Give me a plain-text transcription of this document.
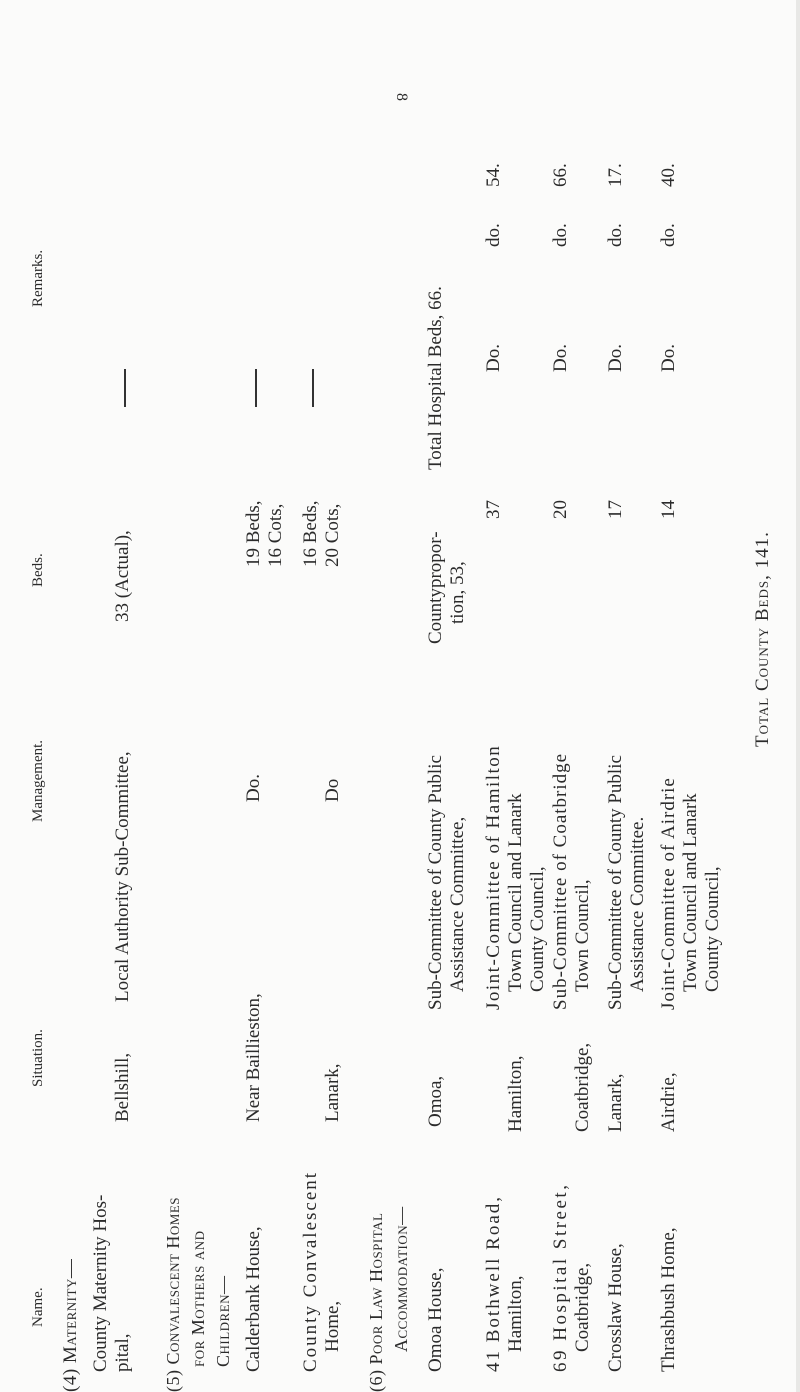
8
Name.
Situation.
Management.
Beds.
Remarks.
(4) Maternity— County Maternity Hos- pital,
Bellshill,
Local Authority Sub-Committee,
33 (Actual),
(5) Convalescent Homes for Mothers and Children— Calderbank House,
Near Baillieston,
Do.
19 Beds, 16 Cots,
County Convalescent Home,
Lanark,
Do
16 Beds, 20 Cots,
(6) Poor Law Hospital Accommodation— Omoa House,
Omoa,
Sub-Committee of County Public Assistance Committee,
Countypropor- tion, 53,
Total Hospital Beds, 66.
41 Bothwell Road, Hamilton,
Hamilton,
Joint-Committee of Hamilton Town Council and Lanark County Council,
37
Do.
do.
54.
69 Hospital Street, Coatbridge,
Coatbridge,
Sub-Committee of Coatbridge Town Council,
20
Do.
do.
66.
Crosslaw House,
Lanark,
Sub-Committee of County Public Assistance Committee.
17
Do.
do.
17.
Thrashbush Home,
Airdrie,
Joint-Committee of Airdrie Town Council and Lanark County Council,
14
Do.
do.
40.
Total County Beds, 141.
